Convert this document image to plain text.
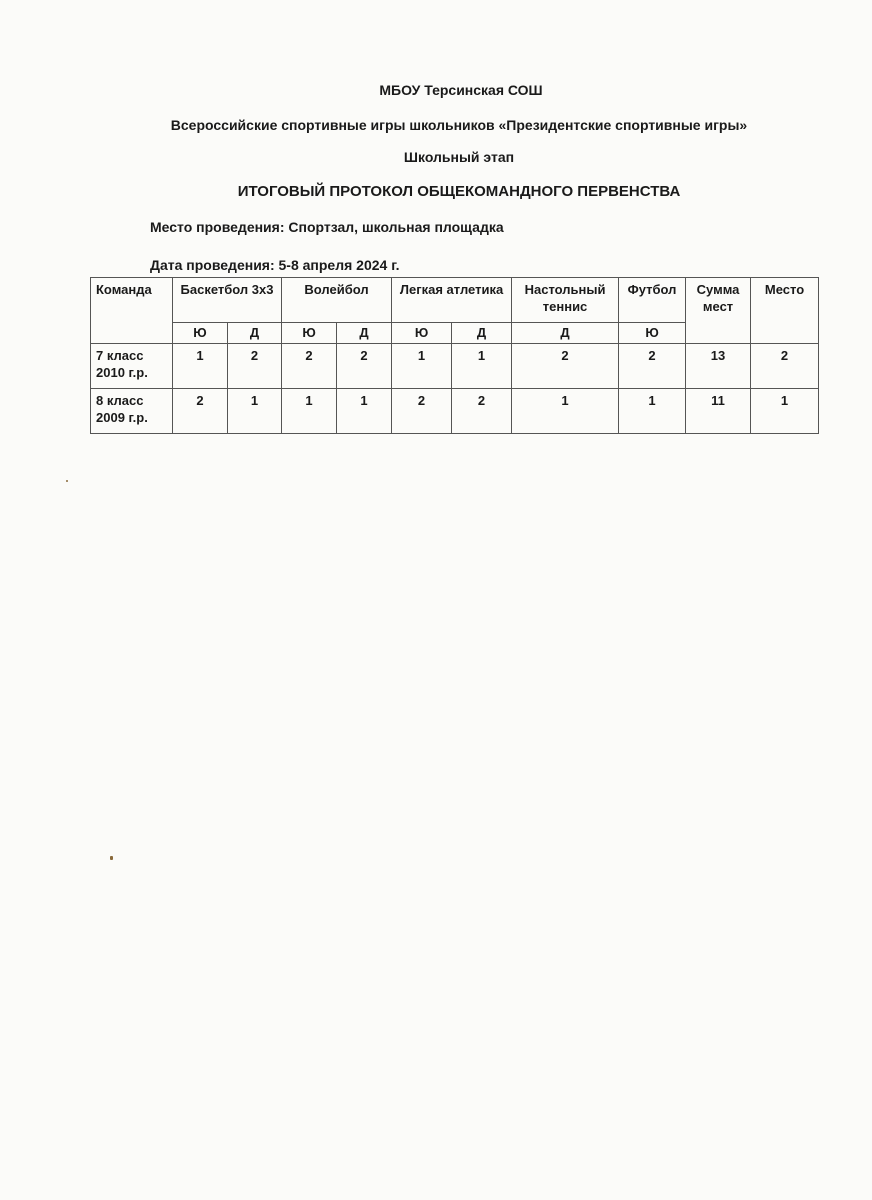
МБОУ Терсинская СОШ
Всероссийские спортивные игры школьников «Президентские спортивные игры»
Школьный этап
ИТОГОВЫЙ ПРОТОКОЛ ОБЩЕКОМАНДНОГО ПЕРВЕНСТВА
Место проведения: Спортзал, школьная площадка
Дата проведения: 5-8 апреля 2024 г.
Команда	Баскетбол 3х3		Волейбол		Легкая атлетика		Настольный теннис	Футбол	Сумма мест	Место
	Ю	Д	Ю	Д	Ю	Д	Д	Ю		
7 класс 2010 г.р.	1	2	2	2	1	1	2	2	13	2
8 класс 2009 г.р.	2	1	1	1	2	2	1	1	11	1
